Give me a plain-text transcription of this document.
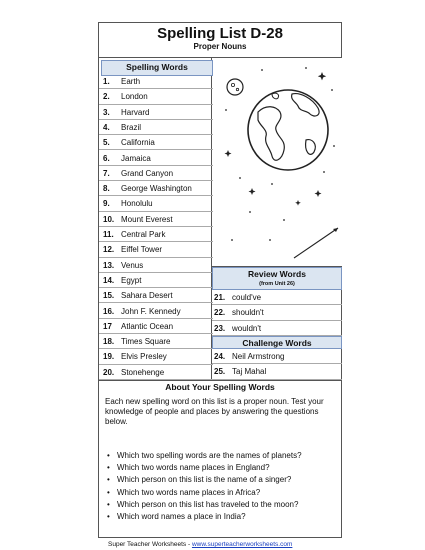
Spelling List D-28
Proper Nouns
Spelling Words
1. Earth
2. London
3. Harvard
4. Brazil
5. California
6. Jamaica
7. Grand Canyon
8. George Washington
9. Honolulu
10. Mount Everest
11. Central Park
12. Eiffel Tower
13. Venus
14. Egypt
15. Sahara Desert
16. John F. Kennedy
17 Atlantic Ocean
18. Times Square
19. Elvis Presley
20. Stonehenge
Review Words
(from Unit 26)
21. could've
22. shouldn't
23. wouldn't
Challenge Words
24. Neil Armstrong
25. Taj Mahal
About Your Spelling Words
Each new spelling word on this list is a proper noun. Test your knowledge of people and places by answering the questions below.
• Which two spelling words are the names of planets?
• Which two words name places in England?
• Which person on this list is the name of a singer?
• Which two words name places in Africa?
• Which person on this list has traveled to the moon?
• Which word names a place in India?
Super Teacher Worksheets - www.superteacherworksheets.com
